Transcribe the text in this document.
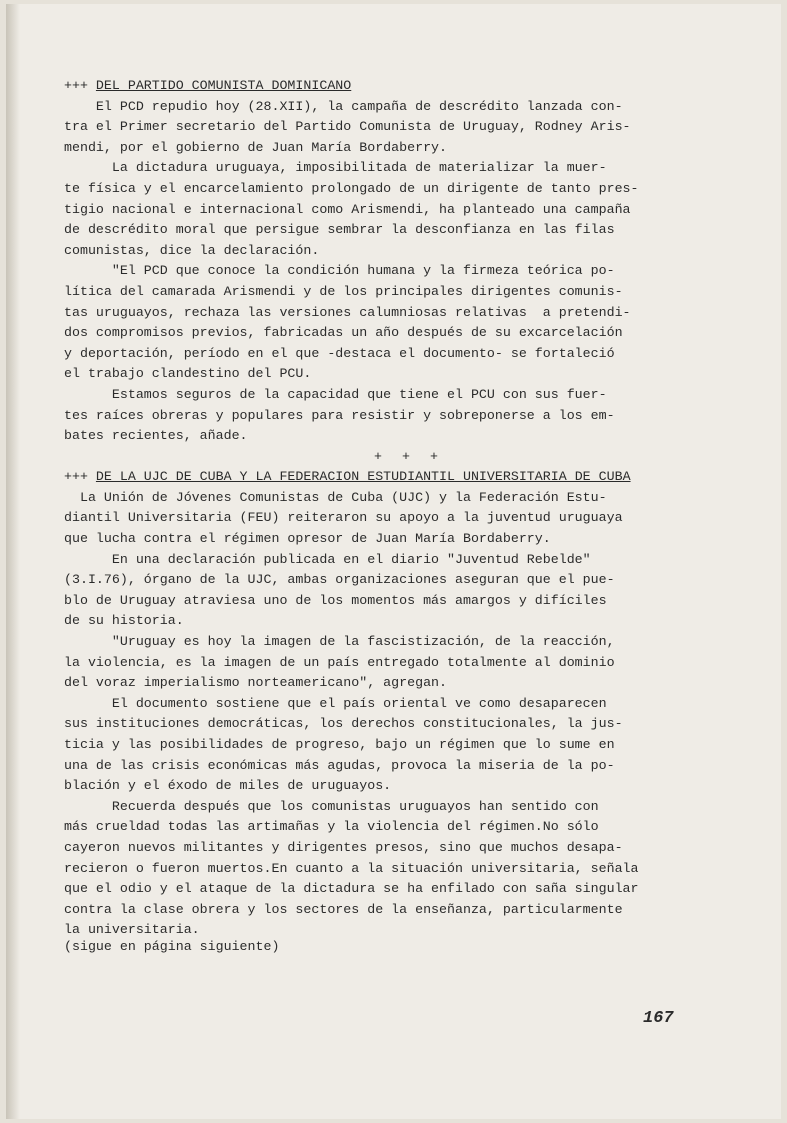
+++ DEL PARTIDO COMUNISTA DOMINICANO
El PCD repudio hoy (28.XII), la campaña de descrédito lanzada con-
tra el Primer secretario del Partido Comunista de Uruguay, Rodney Aris-
mendi, por el gobierno de Juan María Bordaberry.
La dictadura uruguaya, imposibilitada de materializar la muer-
te física y el encarcelamiento prolongado de un dirigente de tanto pres-
tigio nacional e internacional como Arismendi, ha planteado una campaña
de descrédito moral que persigue sembrar la desconfianza en las filas
comunistas, dice la declaración.
"El PCD que conoce la condición humana y la firmeza teórica po-
lítica del camarada Arismendi y de los principales dirigentes comunis-
tas uruguayos, rechaza las versiones calumniosas relativas  a pretendi-
dos compromisos previos, fabricadas un año después de su excarcelación
y deportación, período en el que -destaca el documento- se fortaleció
el trabajo clandestino del PCU.
Estamos seguros de la capacidad que tiene el PCU con sus fuer-
tes raíces obreras y populares para resistir y sobreponerse a los em-
bates recientes, añade.
+ + +
+++ DE LA UJC DE CUBA Y LA FEDERACION ESTUDIANTIL UNIVERSITARIA DE CUBA
La Unión de Jóvenes Comunistas de Cuba (UJC) y la Federación Estu-
diantil Universitaria (FEU) reiteraron su apoyo a la juventud uruguaya
que lucha contra el régimen opresor de Juan María Bordaberry.
En una declaración publicada en el diario "Juventud Rebelde"
(3.I.76), órgano de la UJC, ambas organizaciones aseguran que el pue-
blo de Uruguay atraviesa uno de los momentos más amargos y difíciles
de su historia.
"Uruguay es hoy la imagen de la fascistización, de la reacción,
la violencia, es la imagen de un país entregado totalmente al dominio
del voraz imperialismo norteamericano", agregan.
El documento sostiene que el país oriental ve como desaparecen
sus instituciones democráticas, los derechos constitucionales, la jus-
ticia y las posibilidades de progreso, bajo un régimen que lo sume en
una de las crisis económicas más agudas, provoca la miseria de la po-
blación y el éxodo de miles de uruguayos.
Recuerda después que los comunistas uruguayos han sentido con
más crueldad todas las artimañas y la violencia del régimen.No sólo
cayeron nuevos militantes y dirigentes presos, sino que muchos desapa-
recieron o fueron muertos.En cuanto a la situación universitaria, señala
que el odio y el ataque de la dictadura se ha enfilado con saña singular
contra la clase obrera y los sectores de la enseñanza, particularmente
la universitaria.
(sigue en página siguiente)
167
